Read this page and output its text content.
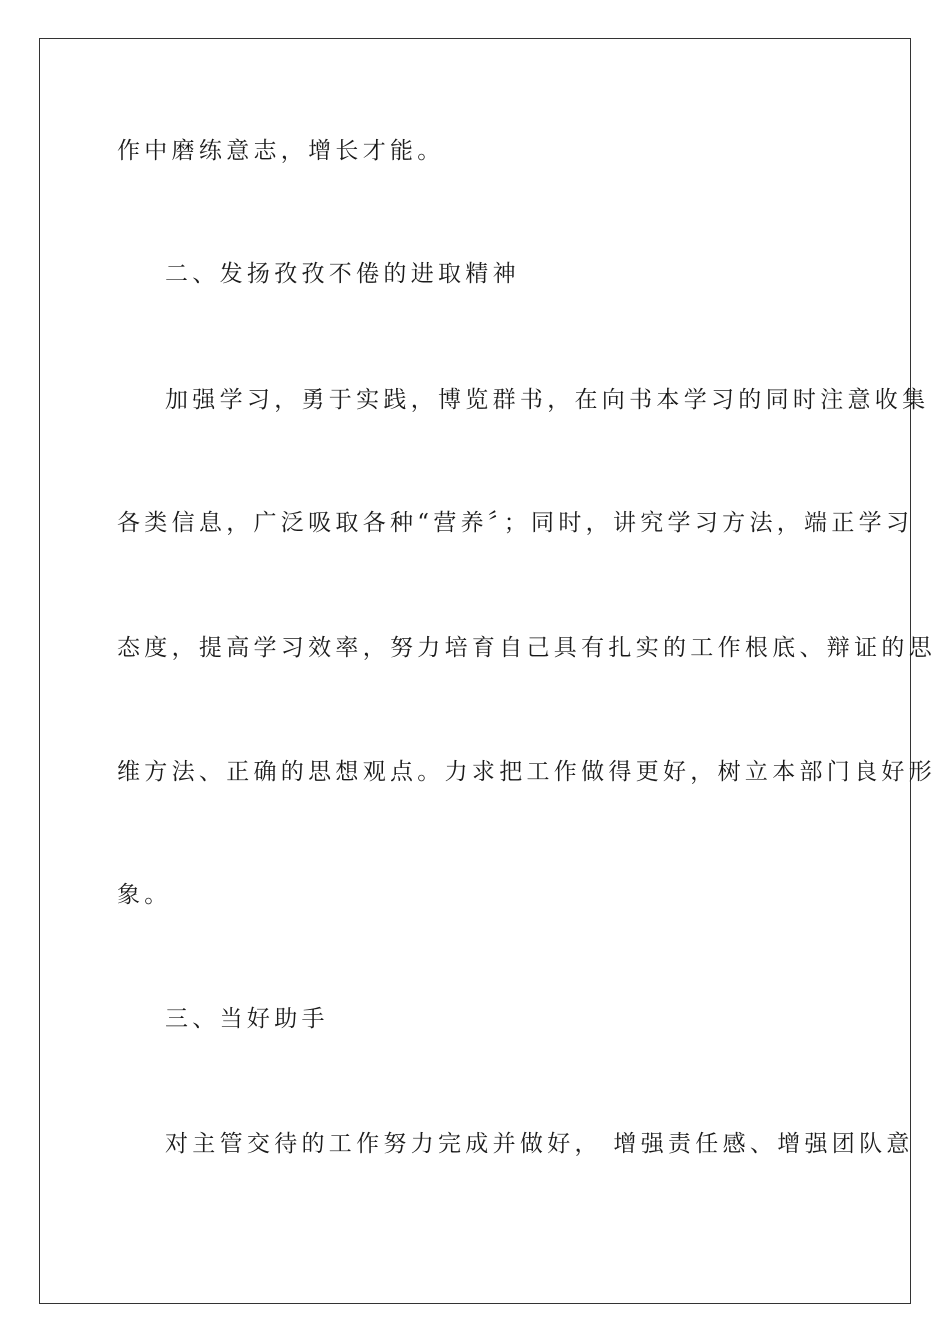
作中磨练意志，增长才能。
二、发扬孜孜不倦的进取精神
加强学习，勇于实践，博览群书，在向书本学习的同时注意收集
各类信息，广泛吸取各种“营养〞；同时，讲究学习方法，端正学习
态度，提高学习效率，努力培育自己具有扎实的工作根底、辩证的思
维方法、正确的思想观点。力求把工作做得更好，树立本部门良好形
象。
三、当好助手
对主管交待的工作努力完成并做好， 增强责任感、增强团队意
